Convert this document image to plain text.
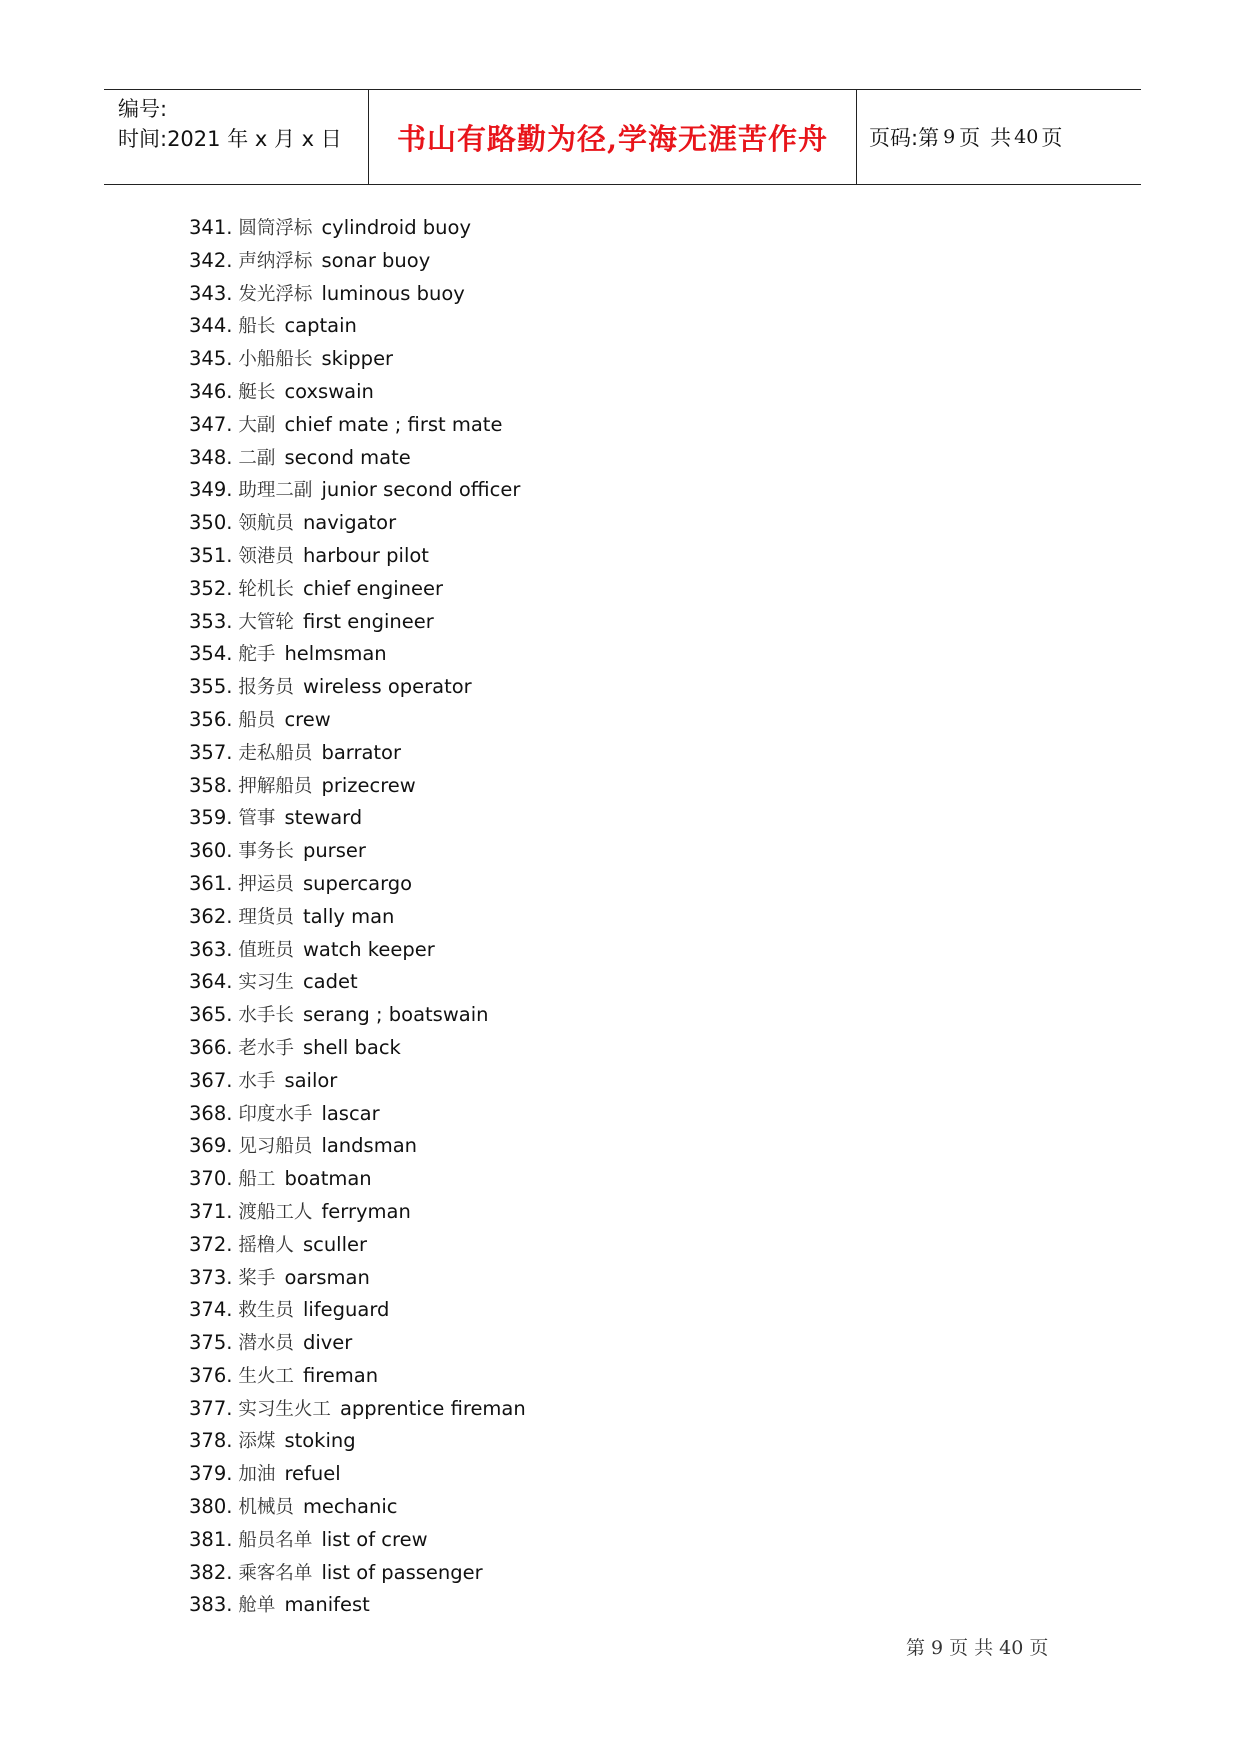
编号:
时间:2021 年 x 月 x 日	书山有路勤为径,学海无涯苦作舟	页码:第 9 页 共 40 页
341. 圆筒浮标 cylindroid buoy
342. 声纳浮标 sonar buoy
343. 发光浮标 luminous buoy
344. 船长 captain
345. 小船船长 skipper
346. 艇长 coxswain
347. 大副 chief mate ; first mate
348. 二副 second mate
349. 助理二副 junior second officer
350. 领航员 navigator
351. 领港员 harbour pilot
352. 轮机长 chief engineer
353. 大管轮 first engineer
354. 舵手 helmsman
355. 报务员 wireless operator
356. 船员 crew
357. 走私船员 barrator
358. 押解船员 prizecrew
359. 管事 steward
360. 事务长 purser
361. 押运员 supercargo
362. 理货员 tally man
363. 值班员 watch keeper
364. 实习生 cadet
365. 水手长 serang ; boatswain
366. 老水手 shell back
367. 水手 sailor
368. 印度水手 lascar
369. 见习船员 landsman
370. 船工 boatman
371. 渡船工人 ferryman
372. 摇橹人 sculler
373. 桨手 oarsman
374. 救生员 lifeguard
375. 潜水员 diver
376. 生火工 fireman
377. 实习生火工 apprentice fireman
378. 添煤 stoking
379. 加油 refuel
380. 机械员 mechanic
381. 船员名单 list of crew
382. 乘客名单 list of passenger
383. 舱单 manifest
第 9 页 共 40 页
